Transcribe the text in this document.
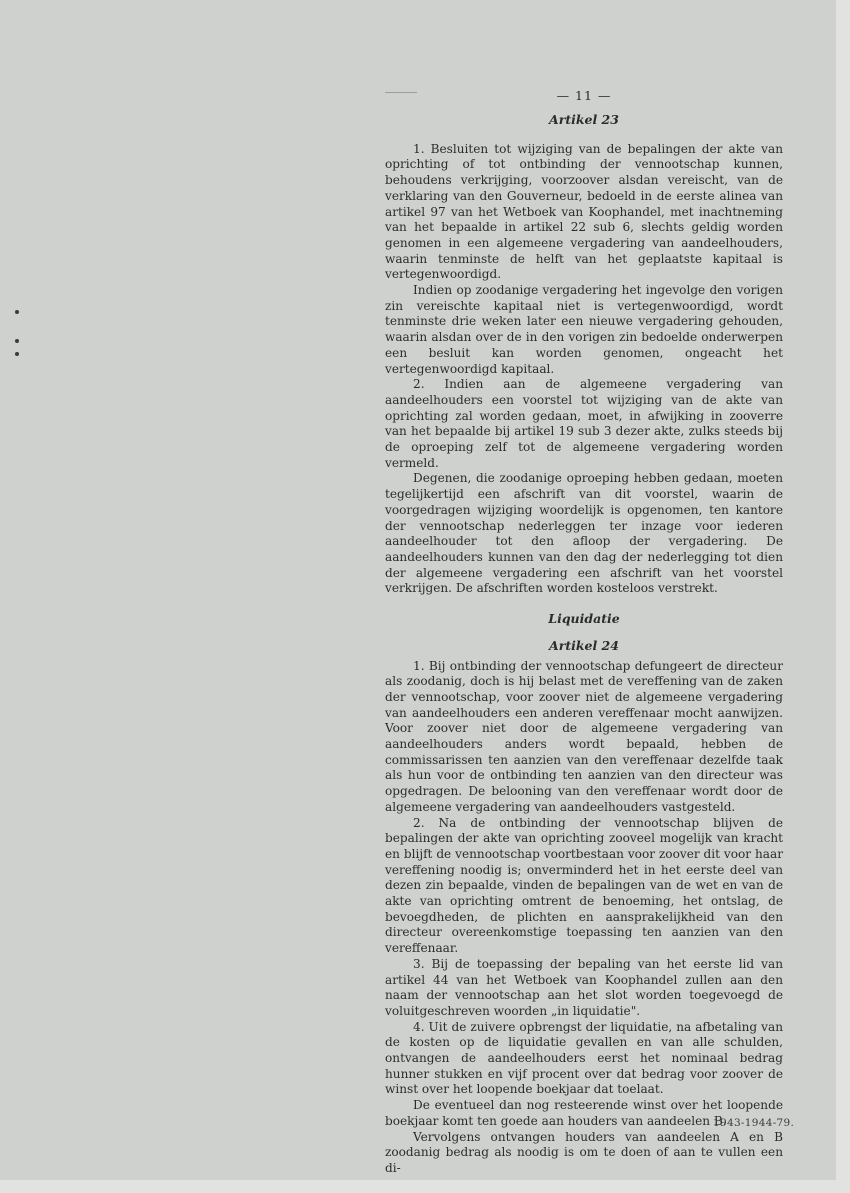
— 11 —
Artikel 23

1. Besluiten tot wijziging van de bepalingen der akte van oprichting of tot ontbinding der vennootschap kunnen, behoudens verkrijging, voorzoover alsdan vereischt, van de verklaring van den Gouverneur, bedoeld in de eerste alinea van artikel 97 van het Wetboek van Koophandel, met inachtneming van het bepaalde in artikel 22 sub 6, slechts geldig worden genomen in een algemeene vergadering van aandeelhouders, waarin tenminste de helft van het geplaatste kapitaal is vertegenwoordigd.

Indien op zoodanige vergadering het ingevolge den vorigen zin vereischte kapitaal niet is vertegenwoordigd, wordt tenminste drie weken later een nieuwe vergadering gehouden, waarin alsdan over de in den vorigen zin bedoelde onderwerpen een besluit kan worden genomen, ongeacht het vertegenwoordigd kapitaal.

2. Indien aan de algemeene vergadering van aandeelhouders een voorstel tot wijziging van de akte van oprichting zal worden gedaan, moet, in afwijking in zooverre van het bepaalde bij artikel 19 sub 3 dezer akte, zulks steeds bij de oproeping zelf tot de algemeene vergadering worden vermeld.

Degenen, die zoodanige oproeping hebben gedaan, moeten tegelijkertijd een afschrift van dit voorstel, waarin de voorgedragen wijziging woordelijk is opgenomen, ten kantore der vennootschap nederleggen ter inzage voor iederen aandeelhouder tot den afloop der vergadering. De aandeelhouders kunnen van den dag der nederlegging tot dien der algemeene vergadering een afschrift van het voorstel verkrijgen. De afschriften worden kosteloos verstrekt.

Liquidatie
Artikel 24

1. Bij ontbinding der vennootschap defungeert de directeur als zoodanig, doch is hij belast met de vereffening van de zaken der vennootschap, voor zoover niet de algemeene vergadering van aandeelhouders een anderen vereffenaar mocht aanwijzen. Voor zoover niet door de algemeene vergadering van aandeelhouders anders wordt bepaald, hebben de commissarissen ten aanzien van den vereffenaar dezelfde taak als hun voor de ontbinding ten aanzien van den directeur was opgedragen. De belooning van den vereffenaar wordt door de algemeene vergadering van aandeelhouders vastgesteld.

2. Na de ontbinding der vennootschap blijven de bepalingen der akte van oprichting zooveel mogelijk van kracht en blijft de vennootschap voortbestaan voor zoover dit voor haar vereffening noodig is; onverminderd het in het eerste deel van dezen zin bepaalde, vinden de bepalingen van de wet en van de akte van oprichting omtrent de benoeming, het ontslag, de bevoegdheden, de plichten en aansprakelijkheid van den directeur overeenkomstige toepassing ten aanzien van den vereffenaar.

3. Bij de toepassing der bepaling van het eerste lid van artikel 44 van het Wetboek van Koophandel zullen aan den naam der vennootschap aan het slot worden toegevoegd de voluitgeschreven woorden „in liquidatie".

4. Uit de zuivere opbrengst der liquidatie, na afbetaling van de kosten op de liquidatie gevallen en van alle schulden, ontvangen de aandeelhouders eerst het nominaal bedrag hunner stukken en vijf procent over dat bedrag voor zoover de winst over het loopende boekjaar dat toelaat.

De eventueel dan nog resteerende winst over het loopende boekjaar komt ten goede aan houders van aandeelen B.

Vervolgens ontvangen houders van aandeelen A en B zoodanig bedrag als noodig is om te doen of aan te vullen een di-

1943-1944-79.
